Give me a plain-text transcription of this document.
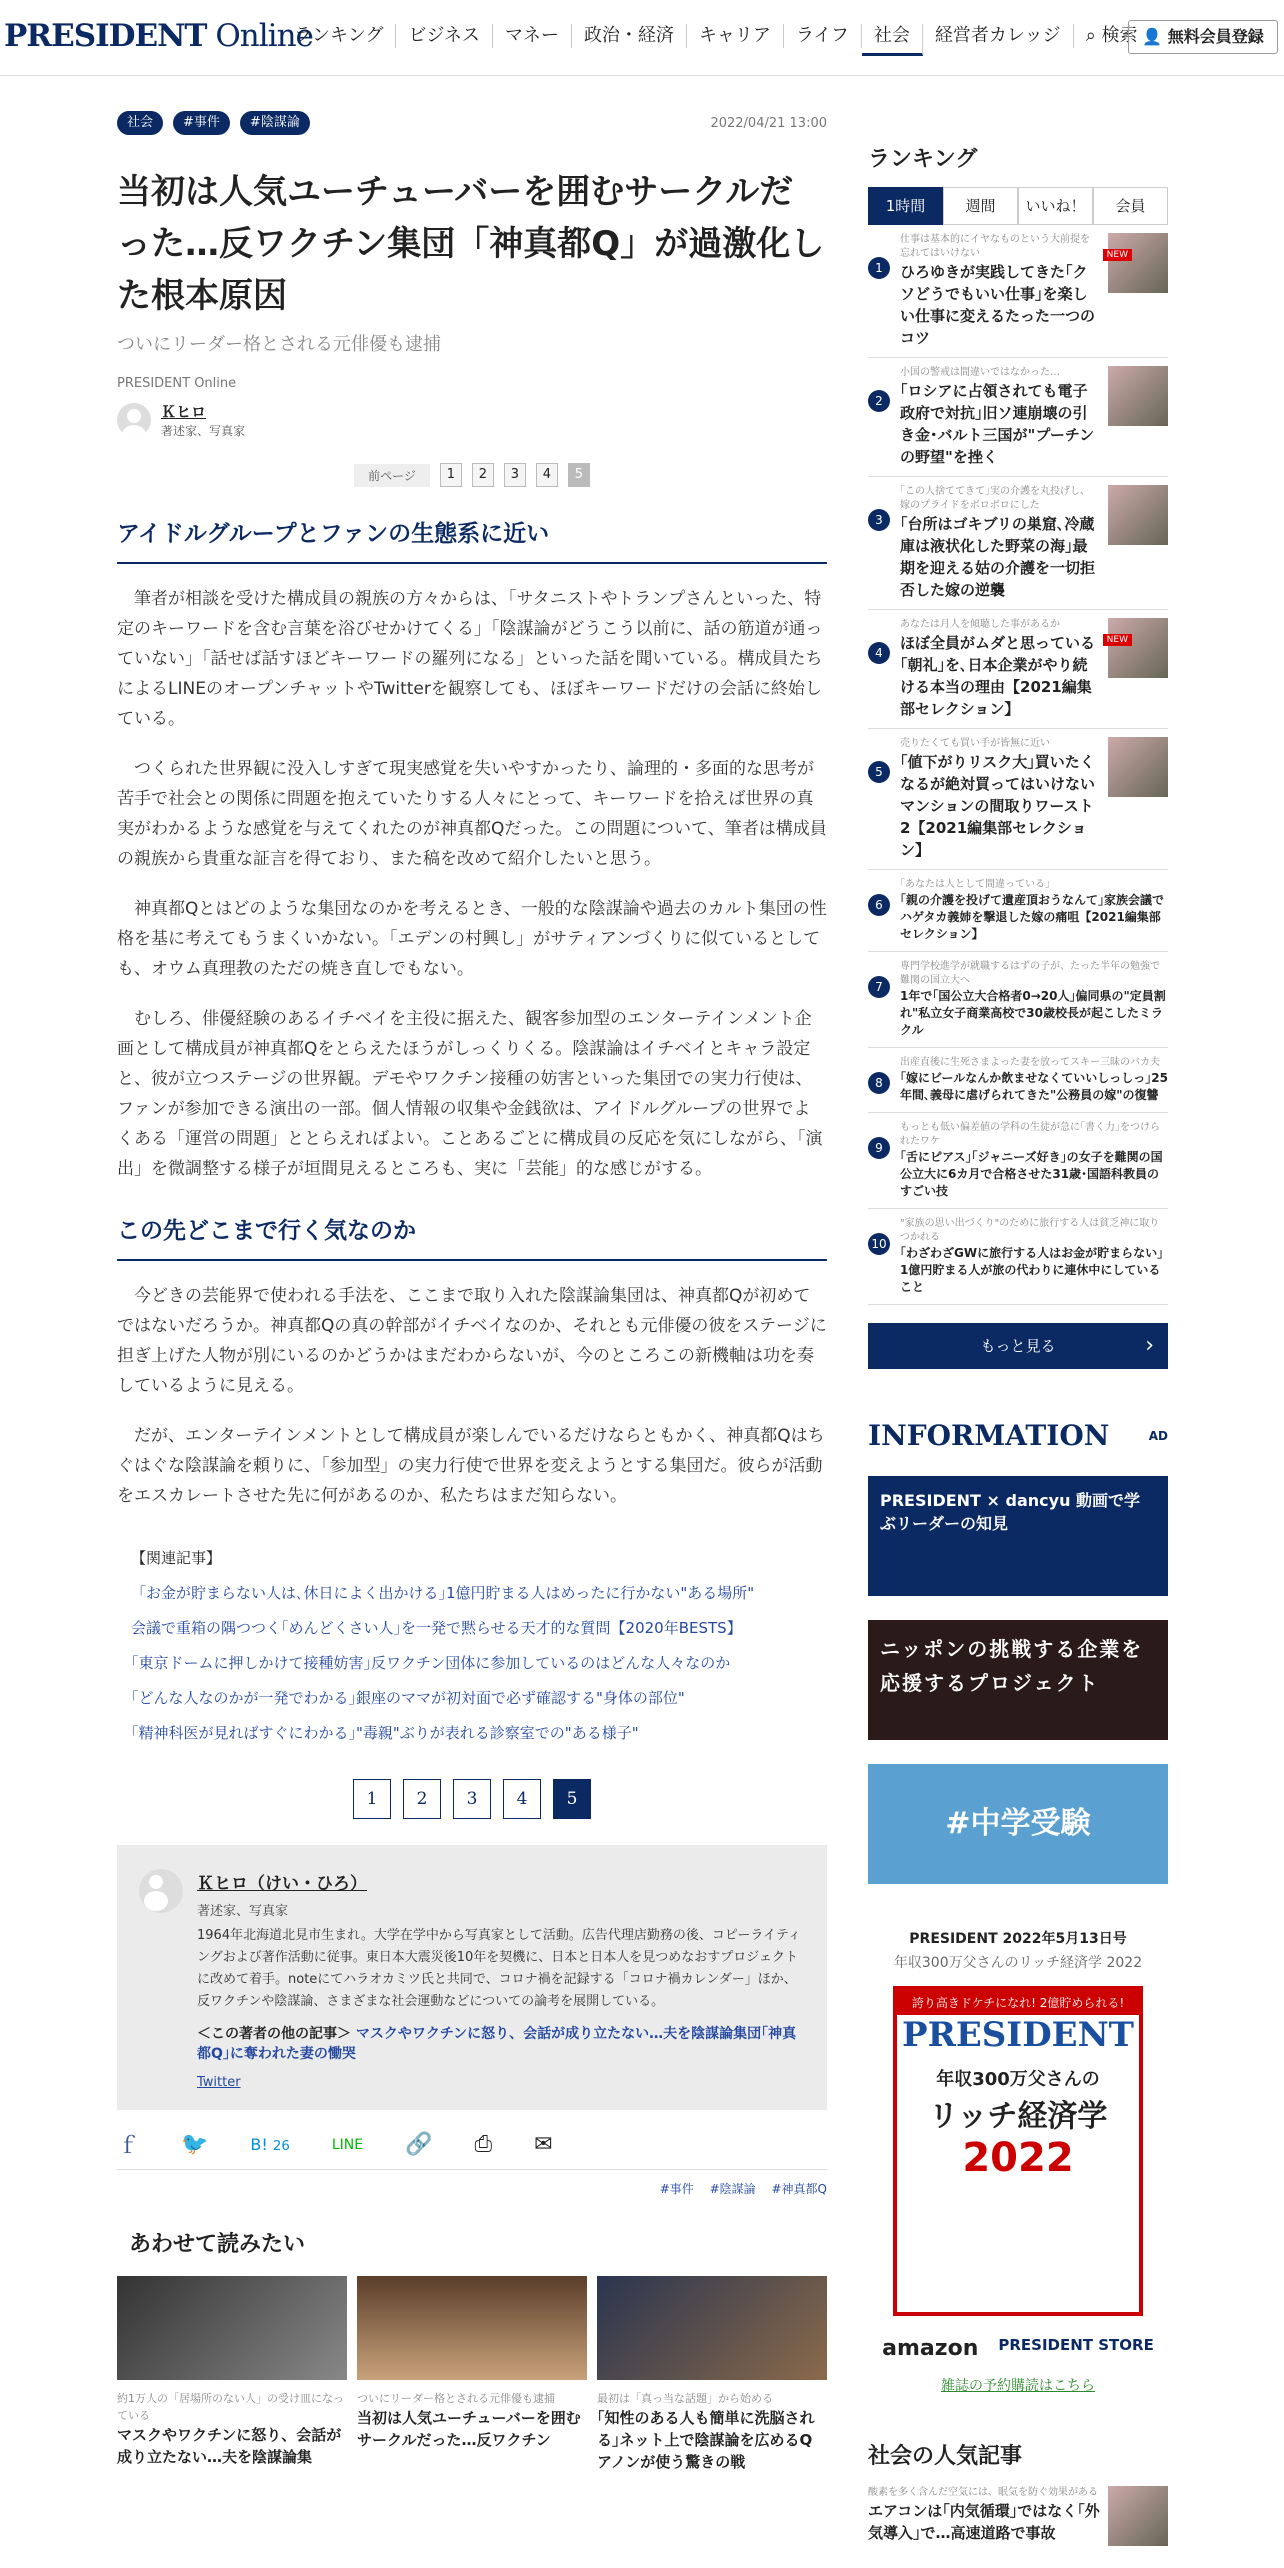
PRESIDENT Online
ランキング	ビジネス	マネー	政治・経済	キャリア	ライフ	社会	経営者カレッジ	⌕ 検索 👤 無料会員登録
社会	#事件	#陰謀論	2022/04/21 13:00
当初は人気ユーチューバーを囲むサークルだった…反ワクチン集団「神真都Q」が過激化した根本原因
ついにリーダー格とされる元俳優も逮捕
PRESIDENT Online
Ｋヒロ
著述家、写真家
前ページ	1	2	3	4	5
アイドルグループとファンの生態系に近い

　筆者が相談を受けた構成員の親族の方々からは、「サタニストやトランプさんといった、特定のキーワードを含む言葉を浴びせかけてくる」「陰謀論がどうこう以前に、話の筋道が通っていない」「話せば話すほどキーワードの羅列になる」といった話を聞いている。構成員たちによるLINEのオープンチャットやTwitterを観察しても、ほぼキーワードだけの会話に終始している。

　つくられた世界観に没入しすぎて現実感覚を失いやすかったり、論理的・多面的な思考が苦手で社会との関係に問題を抱えていたりする人々にとって、キーワードを拾えば世界の真実がわかるような感覚を与えてくれたのが神真都Qだった。この問題について、筆者は構成員の親族から貴重な証言を得ており、また稿を改めて紹介したいと思う。

　神真都Qとはどのような集団なのかを考えるとき、一般的な陰謀論や過去のカルト集団の性格を基に考えてもうまくいかない。「エデンの村興し」がサティアンづくりに似ているとしても、オウム真理教のただの焼き直しでもない。

　むしろ、俳優経験のあるイチベイを主役に据えた、観客参加型のエンターテインメント企画として構成員が神真都Qをとらえたほうがしっくりくる。陰謀論はイチベイとキャラ設定と、彼が立つステージの世界観。デモやワクチン接種の妨害といった集団での実力行使は、ファンが参加できる演出の一部。個人情報の収集や金銭欲は、アイドルグループの世界でよくある「運営の問題」ととらえればよい。ことあるごとに構成員の反応を気にしながら、「演出」を微調整する様子が垣間見えるところも、実に「芸能」的な感じがする。

この先どこまで行く気なのか

　今どきの芸能界で使われる手法を、ここまで取り入れた陰謀論集団は、神真都Qが初めてではないだろうか。神真都Qの真の幹部がイチベイなのか、それとも元俳優の彼をステージに担ぎ上げた人物が別にいるのかどうかはまだわからないが、今のところこの新機軸は功を奏しているように見える。

　だが、エンターテインメントとして構成員が楽しんでいるだけならともかく、神真都Qはちぐはぐな陰謀論を頼りに、「参加型」の実力行使で世界を変えようとする集団だ。彼らが活動をエスカレートさせた先に何があるのか、私たちはまだ知らない。

【関連記事】
「お金が貯まらない人は､休日によく出かける｣1億円貯まる人はめったに行かない"ある場所"
会議で重箱の隅つつく｢めんどくさい人｣を一発で黙らせる天才的な質問【2020年BESTS】
｢東京ドームに押しかけて接種妨害｣反ワクチン団体に参加しているのはどんな人々なのか
｢どんな人なのかが一発でわかる｣銀座のママが初対面で必ず確認する"身体の部位"
｢精神科医が見ればすぐにわかる｣"毒親"ぶりが表れる診察室での"ある様子"
1	2	3	4	5
Ｋヒロ（けい・ひろ）
著述家、写真家
1964年北海道北見市生まれ。大学在学中から写真家として活動。広告代理店勤務の後、コピーライティングおよび著作活動に従事。東日本大震災後10年を契機に、日本と日本人を見つめなおすプロジェクトに改めて着手。noteにてハラオカミツ氏と共同で、コロナ禍を記録する「コロナ禍カレンダー」ほか、反ワクチンや陰謀論、さまざまな社会運動などについての論考を展開している。
＜この著者の他の記事＞ マスクやワクチンに怒り、会話が成り立たない…夫を陰謀論集団｢神真都Q｣に奪われた妻の慟哭
Twitter
ｆ 🐦	B! 26	LINE 🔗 ⎙ ✉
#事件 #陰謀論 #神真都Q
あわせて読みたい
約1万人の「居場所のない人」の受け皿になっている
マスクやワクチンに怒り、会話が成り立たない…夫を陰謀論集
ついにリーダー格とされる元俳優も逮捕
当初は人気ユーチューバーを囲むサークルだった…反ワクチン
最初は「真っ当な話題」から始める
｢知性のある人も簡単に洗脳される｣ネット上で陰謀論を広めるQアノンが使う驚きの戦
ランキング
1時間	週間	いいね！	会員
1
仕事は基本的にイヤなものという大前提を忘れてはいけない
ひろゆきが実践してきた｢クソどうでもいい仕事｣を楽しい仕事に変えるたった一つのコツ
NEW
2
小国の警戒は間違いではなかった…
｢ロシアに占領されても電子政府で対抗｣旧ソ連崩壊の引き金･バルト三国が"プーチンの野望"を挫く
3
｢この人捨ててきて｣実の介護を丸投げし、嫁のプライドをボロボロにした
｢台所はゴキブリの巣窟､冷蔵庫は液状化した野菜の海｣最期を迎える姑の介護を一切拒否した嫁の逆襲
4
あなたは月人を傾聴した事があるか
ほぼ全員がムダと思っている｢朝礼｣を､日本企業がやり続ける本当の理由【2021編集部セレクション】
NEW
5
売りたくても買い手が皆無に近い
｢値下がりリスク大｣買いたくなるが絶対買ってはいけないマンションの間取りワースト2【2021編集部セレクション】
6
｢あなたは人として間違っている｣
｢親の介護を投げて遺産頂おうなんて｣家族会議でハゲタカ義姉を撃退した嫁の痛咀【2021編集部セレクション】
7
専門学校進学が就職するはずの子が、たった半年の勉強で難関の国立大へ
1年で｢国公立大合格者0→20人｣偏同県の"定員割れ"私立女子商業高校で30歳校長が起こしたミラクル
8
出産直後に生死さまよった妻を放ってスキー三昧のバカ夫
｢嫁にビールなんか飲ませなくていいしっしっ｣25年間､義母に虐げられてきた"公務員の嫁"の復讐
9
もっとも低い偏差値の学科の生徒が急に｢書く力｣をつけられたワケ
｢舌にピアス｣｢ジャニーズ好き｣の女子を難関の国公立大に6カ月で合格させた31歳･国語科教員のすごい技
10
"家族の思い出づくり"のために旅行する人は貧乏神に取りつかれる
｢わざわざGWに旅行する人はお金が貯まらない｣1億円貯まる人が旅の代わりに連休中にしていること
もっと見る ›
INFORMATION	AD
PRESIDENT × dancyu 動画で学ぶリーダーの知見
ニッポンの挑戦する企業を応援するプロジェクト
#中学受験
PRESIDENT 2022年5月13日号
年収300万父さんのリッチ経済学 2022
誇り高きドケチになれ! 2億貯められる!
PRESIDENT
年収300万父さんの
リッチ経済学
2022
amazon PRESIDENT STORE
雑誌の予約購読はこちら
社会の人気記事
酸素を多く含んだ空気には、眠気を防ぐ効果がある
エアコンは｢内気循環｣ではなく｢外気導入｣で…高速道路で事故
